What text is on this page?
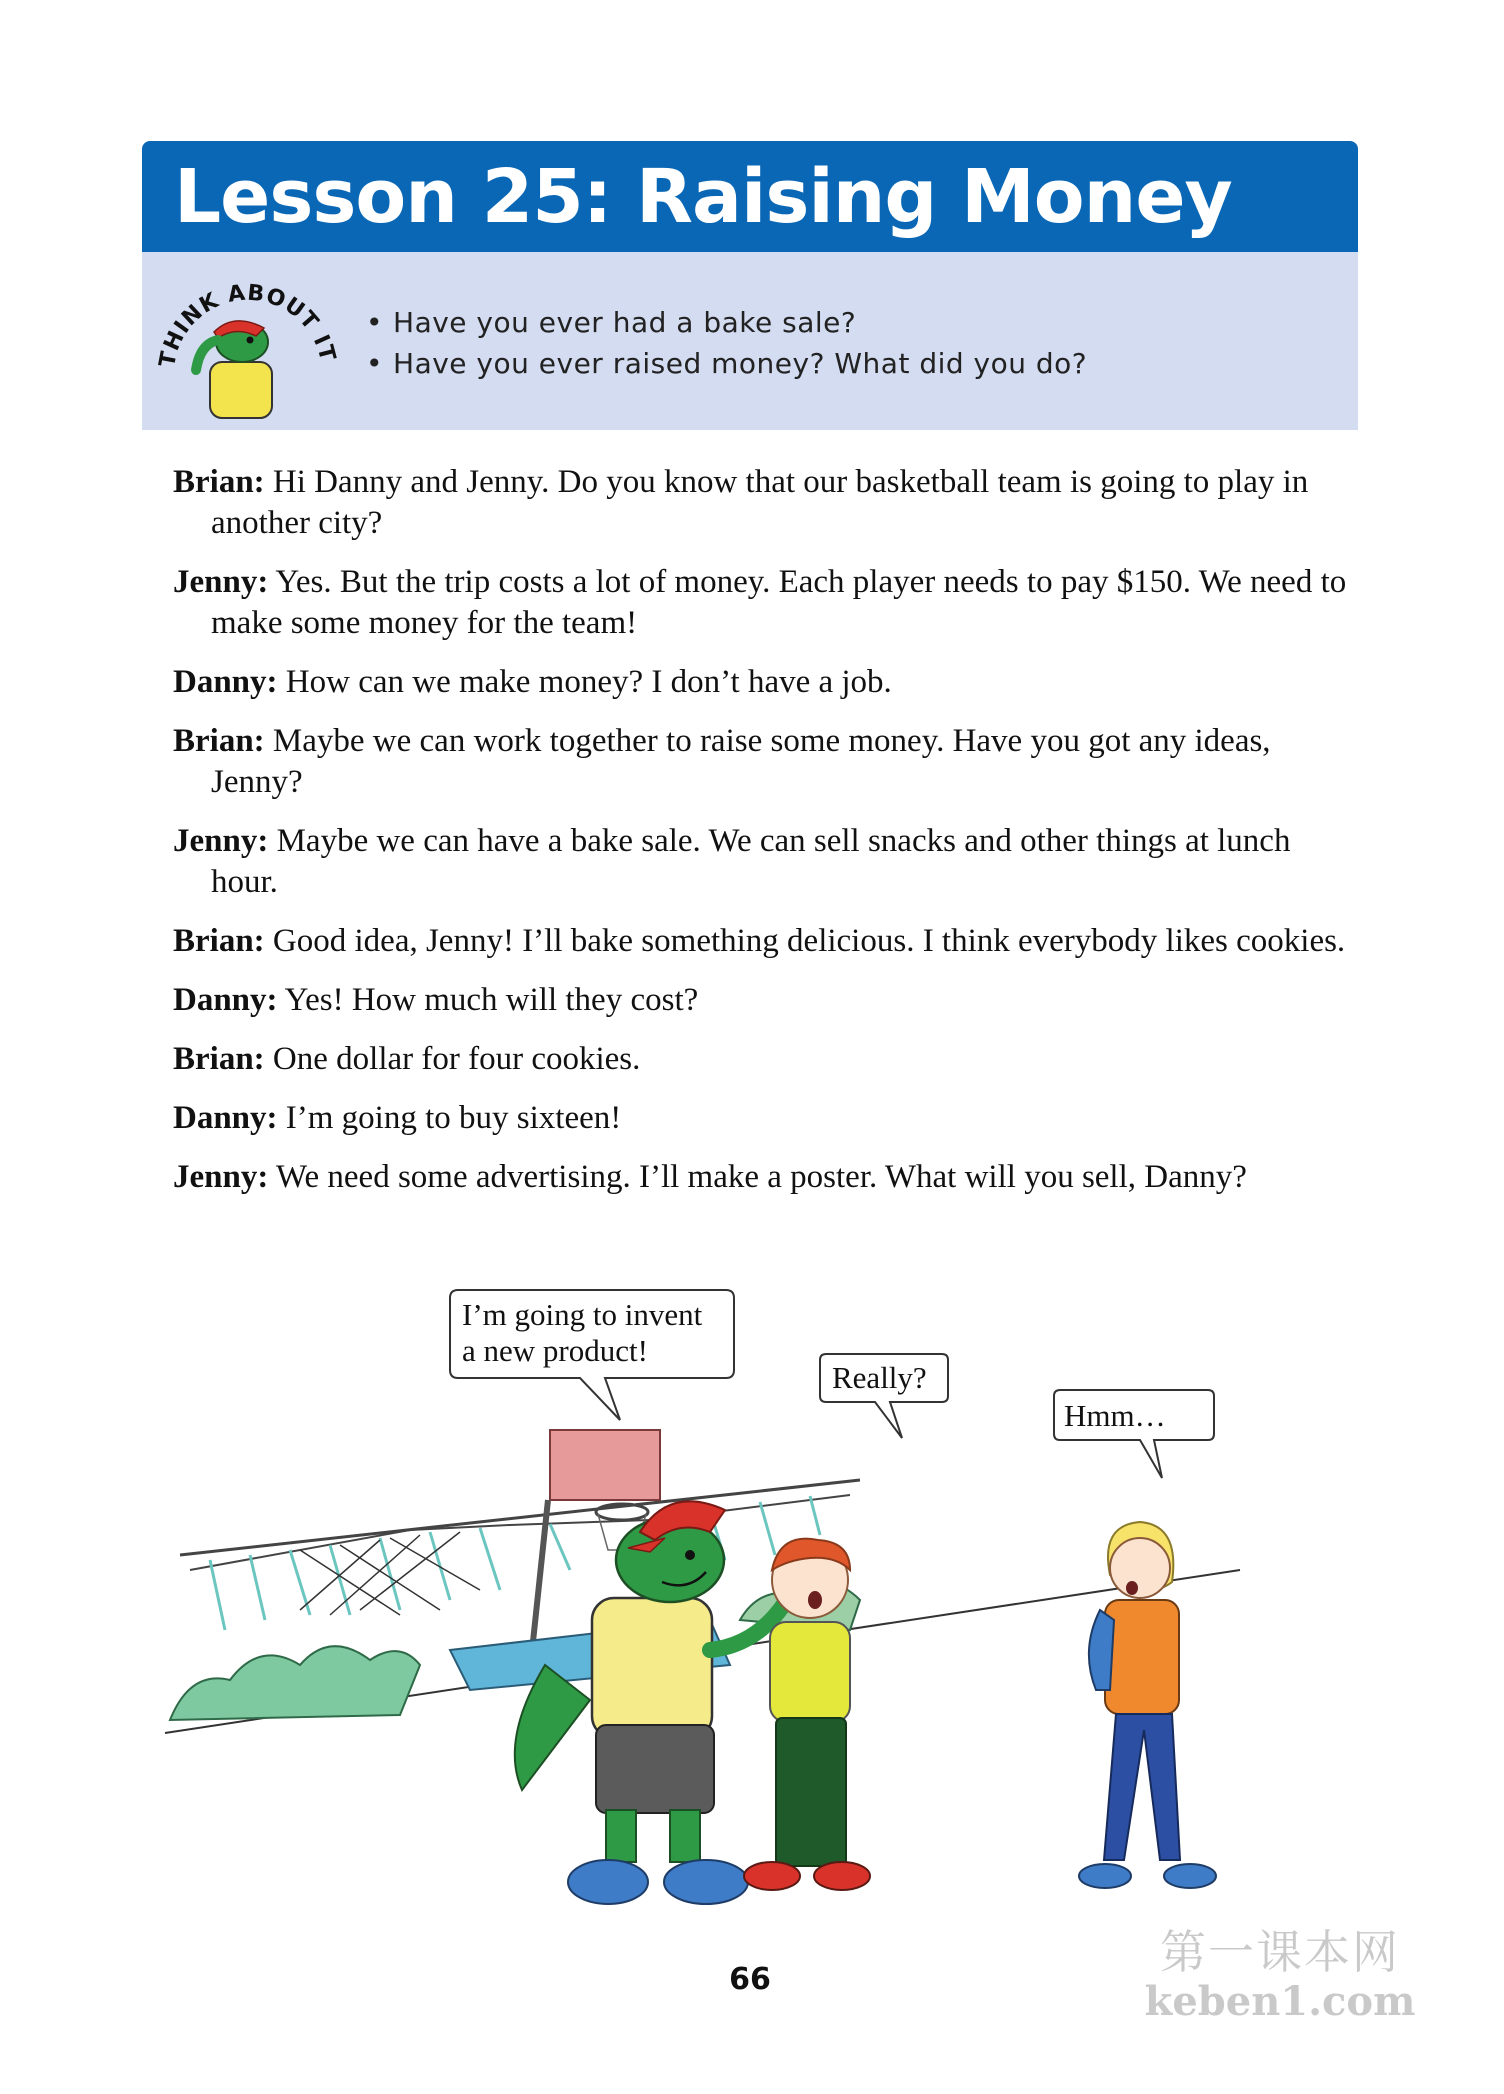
Lesson 25: Raising Money
THINK ABOUT IT
• Have you ever had a bake sale?
• Have you ever raised money? What did you do?

Brian: Hi Danny and Jenny. Do you know that our basketball team is going to play in another city?

Jenny: Yes. But the trip costs a lot of money. Each player needs to pay $150. We need to make some money for the team!

Danny: How can we make money? I don’t have a job.

Brian: Maybe we can work together to raise some money. Have you got any ideas, Jenny?

Jenny: Maybe we can have a bake sale. We can sell snacks and other things at lunch hour.

Brian: Good idea, Jenny! I’ll bake something delicious. I think everybody likes cookies.

Danny: Yes! How much will they cost?

Brian: One dollar for four cookies.

Danny: I’m going to buy sixteen!

Jenny: We need some advertising. I’ll make a poster. What will you sell, Danny?

I’m going to invent
a new product!
Really?
Hmm…
66
第一课本网
keben1.com
